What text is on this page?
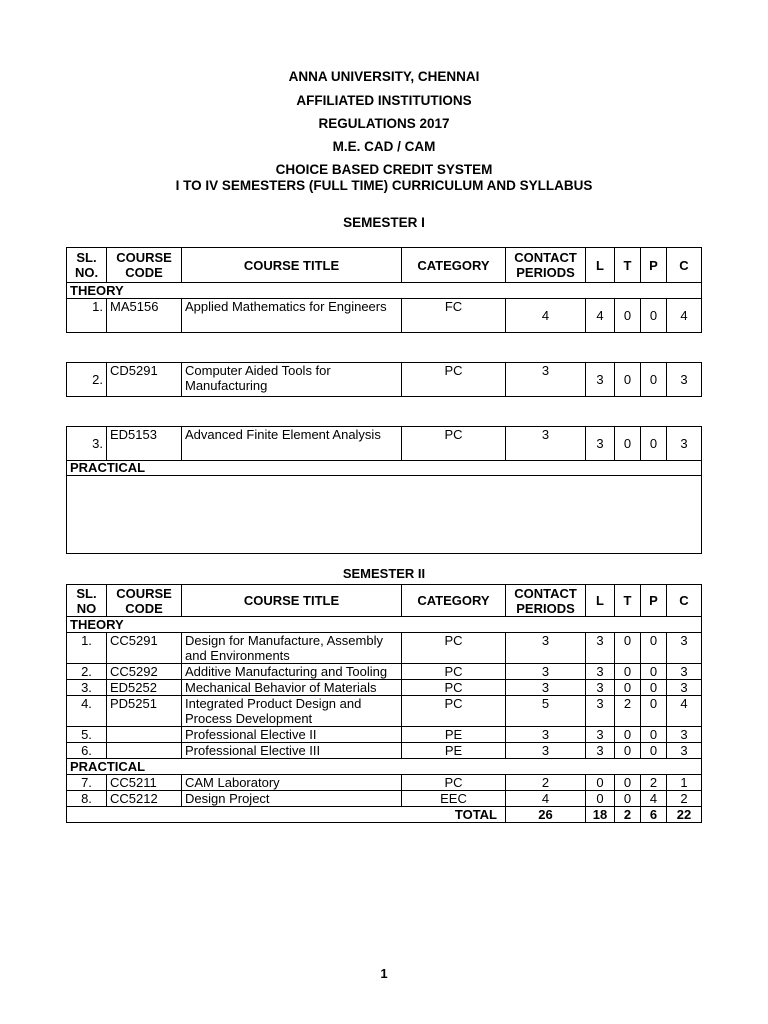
ANNA UNIVERSITY, CHENNAI
AFFILIATED INSTITUTIONS
REGULATIONS 2017
M.E. CAD / CAM
CHOICE BASED CREDIT SYSTEM
I TO IV SEMESTERS (FULL TIME) CURRICULUM AND SYLLABUS
SEMESTER I
SL. NO.	COURSE CODE	COURSE TITLE	CATEGORY	CONTACT PERIODS	L	T	P	C
THEORY								
1.	MA5156	Applied Mathematics for Engineers	FC	4	4	0	0	4

2.	CD5291	Computer Aided Tools for Manufacturing	PC	3	3	0	0	3

3.	ED5153	Advanced Finite Element Analysis	PC	3	3	0	0	3
PRACTICAL								

SEMESTER II
SL. NO	COURSE CODE	COURSE TITLE	CATEGORY	CONTACT PERIODS	L	T	P	C
THEORY								
1.	CC5291	Design for Manufacture, Assembly and Environments	PC	3	3	0	0	3
2.	CC5292	Additive Manufacturing and Tooling	PC	3	3	0	0	3
3.	ED5252	Mechanical Behavior of Materials	PC	3	3	0	0	3
4.	PD5251	Integrated Product Design and Process Development	PC	5	3	2	0	4
5.		Professional Elective II	PE	3	3	0	0	3
6.		Professional Elective III	PE	3	3	0	0	3
PRACTICAL								
7.	CC5211	CAM Laboratory	PC	2	0	0	2	1
8.	CC5212	Design Project	EEC	4	0	0	4	2
TOTAL				26	18	2	6	22
1
